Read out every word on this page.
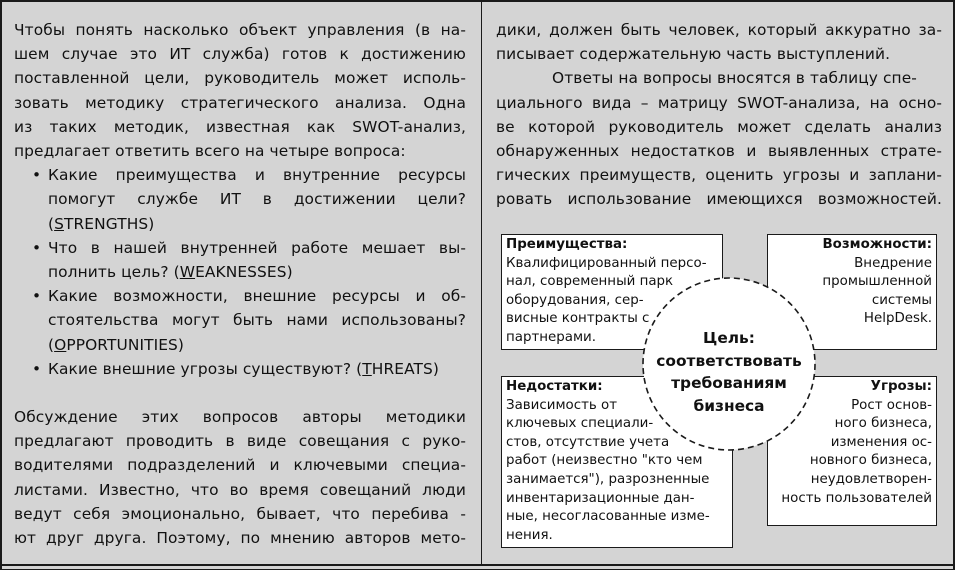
Чтобы понять насколько объект управления (в на-
шем случае это ИТ служба) готов к достижению
поставленной цели, руководитель может исполь-
зовать методику стратегического анализа. Одна
из таких методик, известная как SWOT-анализ,
предлагает ответить всего на четыре вопроса:
• Какие преимущества и внутренние ресурсы
помогут службе ИТ в достижении цели?
(STRENGTHS)
• Что в нашей внутренней работе мешает вы-
полнить цель? (WEAKNESSES)
• Какие возможности, внешние ресурсы и об-
стоятельства могут быть нами использованы?
(OPPORTUNITIES)
• Какие внешние угрозы существуют? (THREATS)
Обсуждение этих вопросов авторы методики
предлагают проводить в виде совещания с руко-
водителями подразделений и ключевыми специа-
листами. Известно, что во время совещаний люди
ведут себя эмоционально, бывает, что перебива -
ют друг друга. Поэтому, по мнению авторов мето-
дики, должен быть человек, который аккуратно за-
писывает содержательную часть выступлений.
Ответы на вопросы вносятся в таблицу спе-
циального вида – матрицу SWOT-анализа, на осно-
ве которой руководитель может сделать анализ
обнаруженных недостатков и выявленных страте-
гических преимуществ, оценить угрозы и заплани-
ровать использование имеющихся возможностей.
Преимущества:
Квалифицированный персо-
нал, современный парк
оборудования, сер-
висные контракты с
партнерами.
Возможности:
Внедрение
промышленной
системы
HelpDesk.
Недостатки:
Зависимость от
ключевых специали-
стов, отсутствие учета
работ (неизвестно "кто чем
занимается"), разрозненные
инвентаризационные дан-
ные, несогласованные изме-
нения.
Угрозы:
Рост основ-
ного бизнеса,
изменения ос-
новного бизнеса,
неудовлетворен-
ность пользователей
Цель:
соответствовать
требованиям
бизнеса
